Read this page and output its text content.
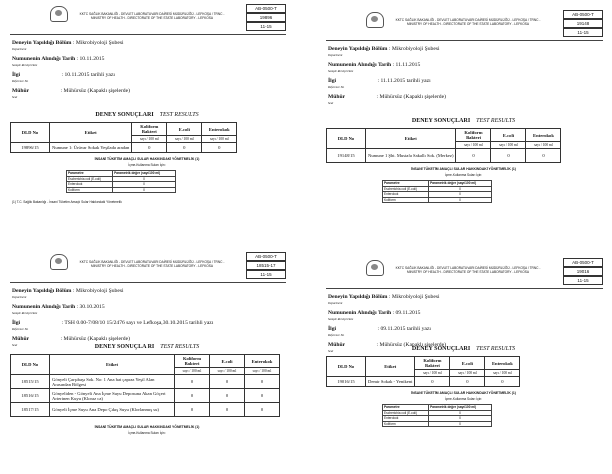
KKTC SAĞLIK BAKANLIĞI - DEVLET LABORATUVARI DAİRESİ MÜDÜRLÜĞÜ - LEFKOŞA / TRNC - MINISTRY OF HEALTH - DIRECTORATE OF THE STATE LABORATORY - LEFKOSA
AB-0500-T
19896
11-15
Deneyin Yapıldığı Bölüm : Mikrobiyoloji Şubesi
Department
Numunenin Alındığı Tarih : 10.11.2015
Sample Receipt Date
İlgi	: 10.11.2015 tarihli yazı
Reference No
Mühür	: Mühürsüz (Kapaklı şişelerde)
Seal
DENEY SONUÇLARI TEST RESULTS
DLD No	Etiket	Koliform Bakteri	E.coli	Enterokok
		sayı / 100 ml	sayı / 100 ml	sayı / 100 ml
19896/15	Numune 1: Ürüvar Sokak Yeşilada aradan	0	0	0
İNSANİ TÜKETİM AMAÇLI SULAR HAKKINDAKİ YÖNETMELİK (1)
İçme-Kullanma Suları İçin:
Parametre	Parametrik değer (sayı/100 ml)
Escherichia coli (E.coli)	0
Enterokok	0
Koliform	0
(1) T.C. Sağlık Bakanlığı - İnsani Tüketim Amaçlı Sular Hakkındaki Yönetmelik
KKTC SAĞLIK BAKANLIĞI - DEVLET LABORATUVARI DAİRESİ MÜDÜRLÜĞÜ - LEFKOŞA / TRNC - MINISTRY OF HEALTH - DIRECTORATE OF THE STATE LABORATORY - LEFKOSA
AB-0500-T
19148
11-15
Deneyin Yapıldığı Bölüm : Mikrobiyoloji Şubesi
Department
Numunenin Alındığı Tarih : 11.11.2015
Sample Receipt Date
İlgi	: 11.11.2015 tarihli yazı
Reference No
Mühür	: Mühürsüz (Kapaklı şişelerde)
Seal
DENEY SONUÇLARI TEST RESULTS
DLD No	Etiket	Koliform Bakteri	E.coli	Enterokok
		sayı / 100 ml	sayı / 100 ml	sayı / 100 ml
19148/15	Numune 1 Şht. Mustafa Sakallı Sok. (Merkez)	0	0	0
İNSANİ TÜKETİM AMAÇLI SULAR HAKKINDAKİ YÖNETMELİK (1)
İçme-Kullanma Suları İçin:
Parametre	Parametrik değer (sayı/100 ml)
Escherichia coli (E.coli)	0
Enterokok	0
Koliform	0
KKTC SAĞLIK BAKANLIĞI - DEVLET LABORATUVARI DAİRESİ MÜDÜRLÜĞÜ - LEFKOŞA / TRNC - MINISTRY OF HEALTH - DIRECTORATE OF THE STATE LABORATORY - LEFKOSA
AB-0500-T
18515-17
11-15
Deneyin Yapıldığı Bölüm : Mikrobiyoloji Şubesi
Department
Numunenin Alındığı Tarih : 30.10.2015
Sample Receipt Date
İlgi	: TSH 0.00-7/08/10 15/2476 sayı ve Lefkoşa,30.10.2015 tarihli yazı
Reference No
Mühür	: Mühürsüz (Kapaklı şişelerde)
Seal	DENEY SONUÇLA RI TEST RESULTS
DLD No	Etiket	Koliform Bakteri	E.coli	Enterokok
		sayı / 100 ml	sayı / 100 ml	sayı / 100 ml
18515/15	Gönyeli Çarşıbaşı Sok. No: 1 Ana hat çapraz Yeşil Alan Arasından Bölgesi	0	0	0
18516/15	Gönyeliden - Gönyeli Ana İçme Suyu Deposuna Akan Göçeri Arterinen Kuyu (Kloraz ca)	0	0	0
18517/15	Gönyeli İçme Suyu Ana Depo Çıkış Suyu (Klorlanmış su)	0	0	0
İNSANİ TÜKETİM AMAÇLI SULAR HAKKINDAKİ YÖNETMELİK (1)
İçme-Kullanma Suları İçin:
KKTC SAĞLIK BAKANLIĞI - DEVLET LABORATUVARI DAİRESİ MÜDÜRLÜĞÜ - LEFKOŞA / TRNC - MINISTRY OF HEALTH - DIRECTORATE OF THE STATE LABORATORY - LEFKOSA
AB-0500-T
19016
11-15
Deneyin Yapıldığı Bölüm : Mikrobiyoloji Şubesi
Department
Numunenin Alındığı Tarih : 09.11.2015
Sample Receipt Date
İlgi	: 09.11.2015 tarihli yazı
Reference No
Mühür	: Mühürsüz (Kapaklı şişelerde)
Seal	DENEY SONUÇLARI TEST RESULTS
DLD No	Etiket	Koliform Bakteri	E.coli	Enterokok
		sayı / 100 ml	sayı / 100 ml	sayı / 100 ml
19016/15	Demir Sokak - Yenikent	0	0	0
İNSANİ TÜKETİM AMAÇLI SULAR HAKKINDAKİ YÖNETMELİK (1)
İçme-Kullanma Suları İçin:
Parametre	Parametrik değer (sayı/100 ml)
Escherichia coli (E.coli)	0
Enterokok	0
Koliform	0
